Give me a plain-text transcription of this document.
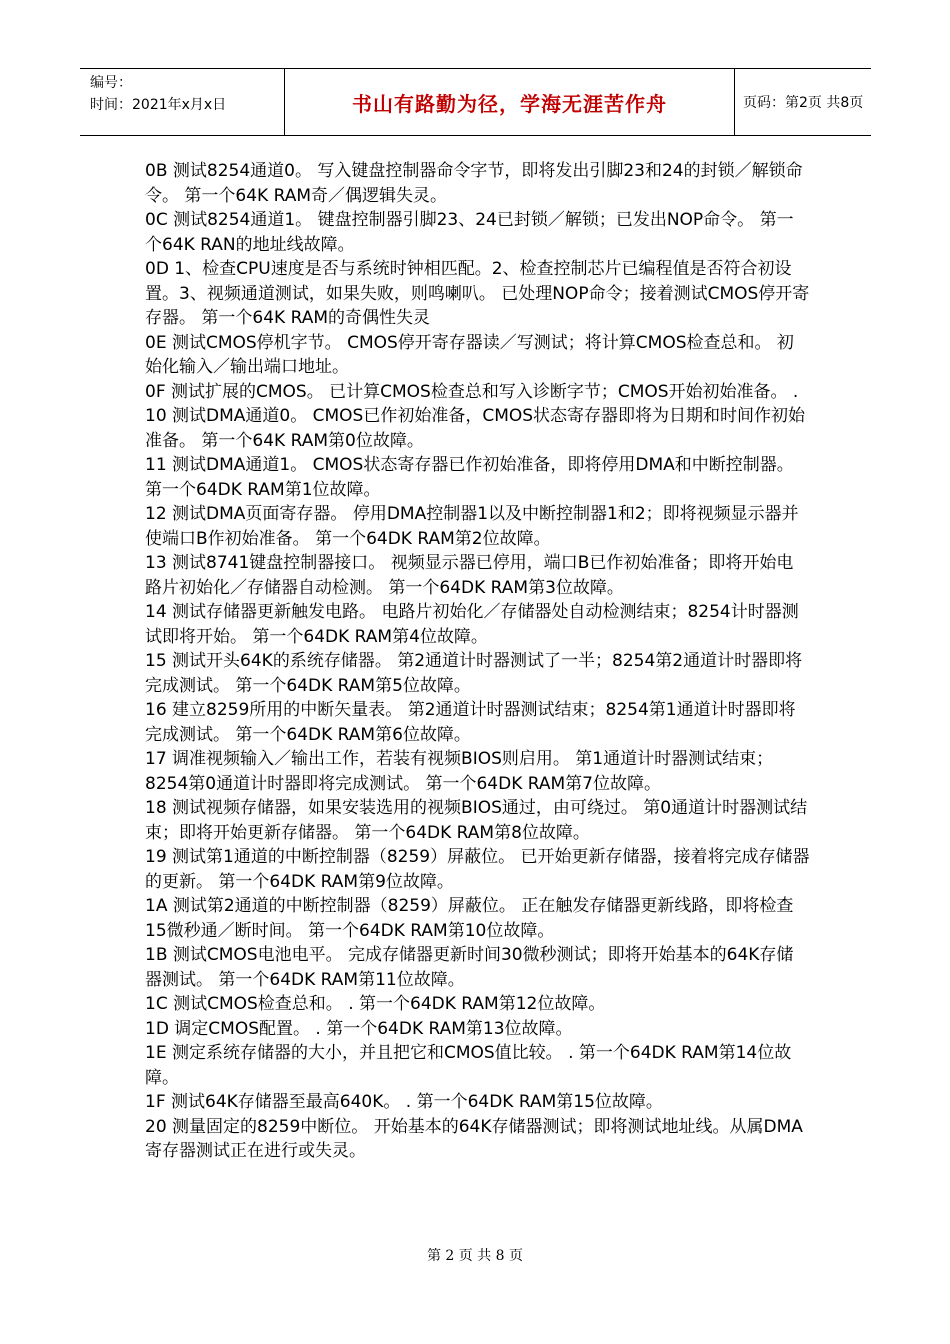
编号：
时间：2021年x月x日	书山有路勤为径，学海无涯苦作舟	页码：第2页 共8页

0B 测试8254通道0。 写入键盘控制器命令字节，即将发出引脚23和24的封锁／解锁命令。 第一个64K RAM奇／偶逻辑失灵。

0C 测试8254通道1。 键盘控制器引脚23、24已封锁／解锁；已发出NOP命令。 第一个64K RAN的地址线故障。

0D 1、检查CPU速度是否与系统时钟相匹配。2、检查控制芯片已编程值是否符合初设置。3、视频通道测试，如果失败，则鸣喇叭。 已处理NOP命令；接着测试CMOS停开寄存器。 第一个64K RAM的奇偶性失灵

0E 测试CMOS停机字节。 CMOS停开寄存器读／写测试；将计算CMOS检查总和。 初始化输入／输出端口地址。

0F 测试扩展的CMOS。 已计算CMOS检查总和写入诊断字节；CMOS开始初始准备。 .

10 测试DMA通道0。 CMOS已作初始准备，CMOS状态寄存器即将为日期和时间作初始准备。 第一个64K RAM第0位故障。

11 测试DMA通道1。 CMOS状态寄存器已作初始准备，即将停用DMA和中断控制器。 第一个64DK RAM第1位故障。

12 测试DMA页面寄存器。 停用DMA控制器1以及中断控制器1和2；即将视频显示器并使端口B作初始准备。 第一个64DK RAM第2位故障。

13 测试8741键盘控制器接口。 视频显示器已停用，端口B已作初始准备；即将开始电路片初始化／存储器自动检测。 第一个64DK RAM第3位故障。

14 测试存储器更新触发电路。 电路片初始化／存储器处自动检测结束；8254计时器测试即将开始。 第一个64DK RAM第4位故障。

15 测试开头64K的系统存储器。 第2通道计时器测试了一半；8254第2通道计时器即将完成测试。 第一个64DK RAM第5位故障。

16 建立8259所用的中断矢量表。 第2通道计时器测试结束；8254第1通道计时器即将完成测试。 第一个64DK RAM第6位故障。

17 调准视频输入／输出工作，若装有视频BIOS则启用。 第1通道计时器测试结束；8254第0通道计时器即将完成测试。 第一个64DK RAM第7位故障。

18 测试视频存储器，如果安装选用的视频BIOS通过，由可绕过。 第0通道计时器测试结束；即将开始更新存储器。 第一个64DK RAM第8位故障。

19 测试第1通道的中断控制器（8259）屏蔽位。 已开始更新存储器，接着将完成存储器的更新。 第一个64DK RAM第9位故障。

1A 测试第2通道的中断控制器（8259）屏蔽位。 正在触发存储器更新线路，即将检查15微秒通／断时间。 第一个64DK RAM第10位故障。

1B 测试CMOS电池电平。 完成存储器更新时间30微秒测试；即将开始基本的64K存储器测试。 第一个64DK RAM第11位故障。

1C 测试CMOS检查总和。 . 第一个64DK RAM第12位故障。

1D 调定CMOS配置。 . 第一个64DK RAM第13位故障。

1E 测定系统存储器的大小，并且把它和CMOS值比较。 . 第一个64DK RAM第14位故障。

1F 测试64K存储器至最高640K。 . 第一个64DK RAM第15位故障。

20 测量固定的8259中断位。 开始基本的64K存储器测试；即将测试地址线。从属DMA寄存器测试正在进行或失灵。

第 2 页 共 8 页
